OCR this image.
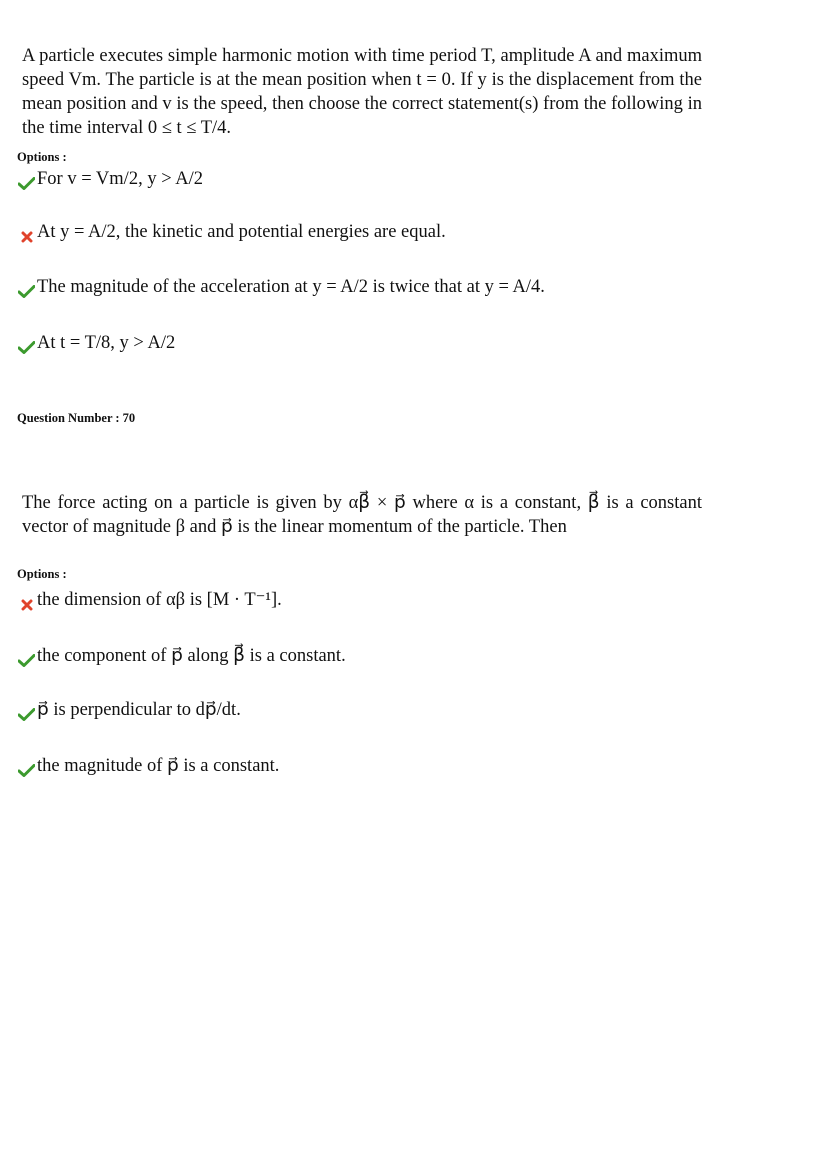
A particle executes simple harmonic motion with time period T, amplitude A and maximum speed Vm. The particle is at the mean position when t = 0. If y is the displacement from the mean position and v is the speed, then choose the correct statement(s) from the following in the time interval 0 ≤ t ≤ T/4.
Options :
For v = Vm/2, y > A/2
At y = A/2, the kinetic and potential energies are equal.
The magnitude of the acceleration at y = A/2 is twice that at y = A/4.
At t = T/8, y > A/2
Question Number : 70
The force acting on a particle is given by αβ⃗ × p⃗ where α is a constant, β⃗ is a constant vector of magnitude β and p⃗ is the linear momentum of the particle. Then
Options :
the dimension of αβ is [M · T⁻¹].
the component of p⃗ along β⃗ is a constant.
p⃗ is perpendicular to dp⃗/dt.
the magnitude of p⃗ is a constant.
